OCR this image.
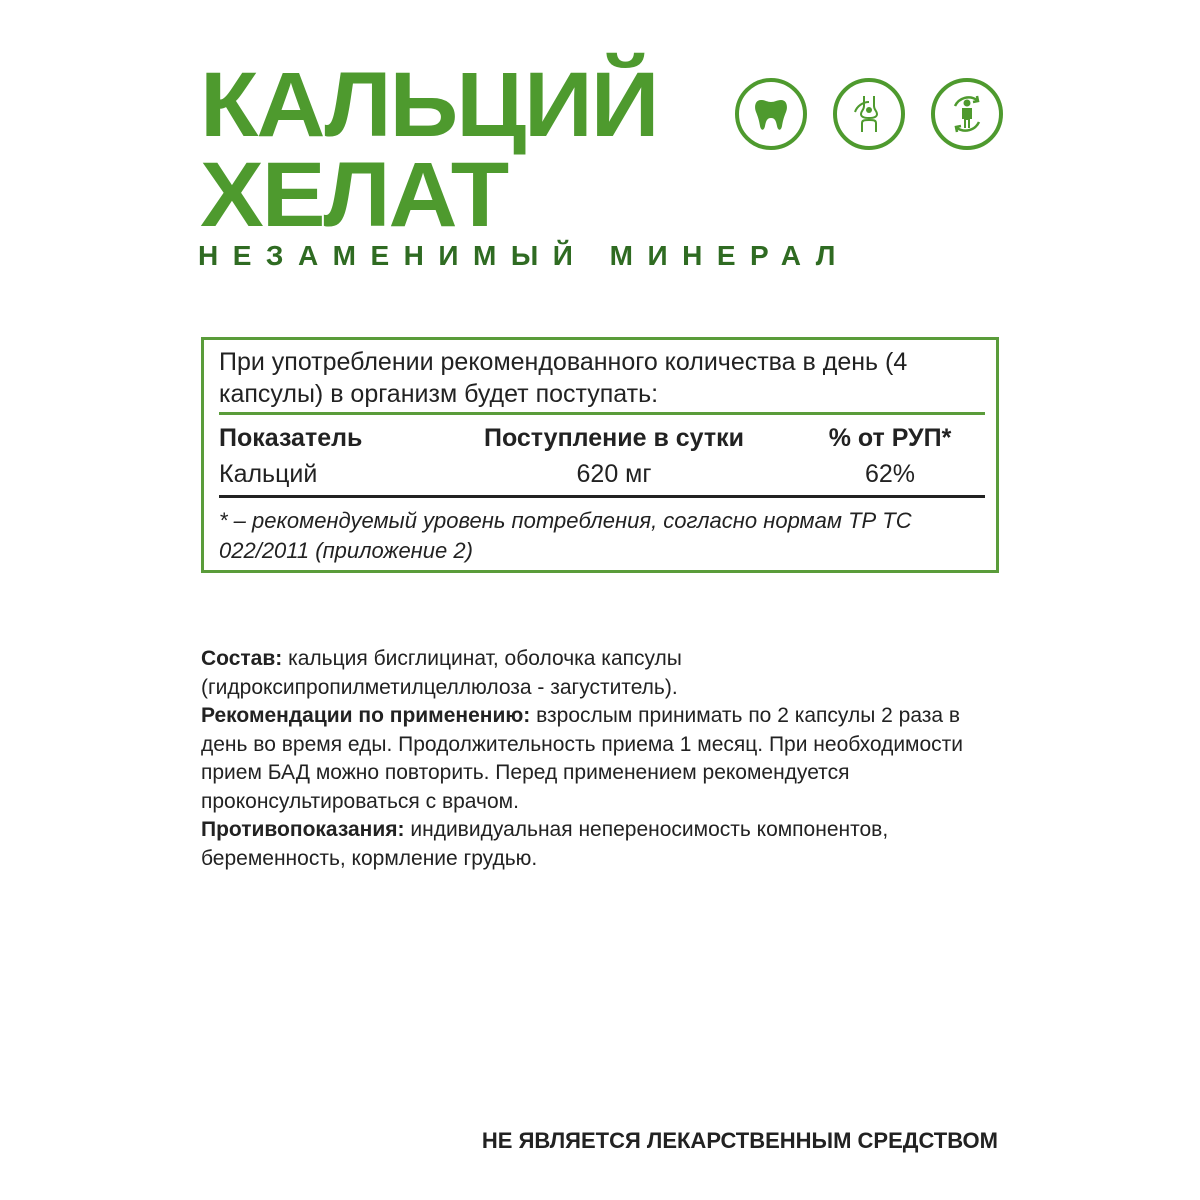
КАЛЬЦИЙ
ХЕЛАТ
НЕЗАМЕНИМЫЙ МИНЕРАЛ
При употреблении рекомендованного количества в день (4 капсулы) в организм будет поступать:
Показатель	Поступление в сутки	% от РУП*
Кальций	620 мг	62%
* – рекомендуемый уровень потребления, согласно нормам ТР ТС 022/2011 (приложение 2)

Состав: кальция бисглицинат, оболочка капсулы (гидроксипропилметилцеллюлоза - загуститель).

Рекомендации по применению: взрослым принимать по 2 капсулы 2 раза в день во время еды. Продолжительность приема 1 месяц. При необходимости прием БАД можно повторить. Перед применением рекомендуется проконсультироваться с врачом.

Противопоказания: индивидуальная непереносимость компонентов, беременность, кормление грудью.

НЕ ЯВЛЯЕТСЯ ЛЕКАРСТВЕННЫМ СРЕДСТВОМ
